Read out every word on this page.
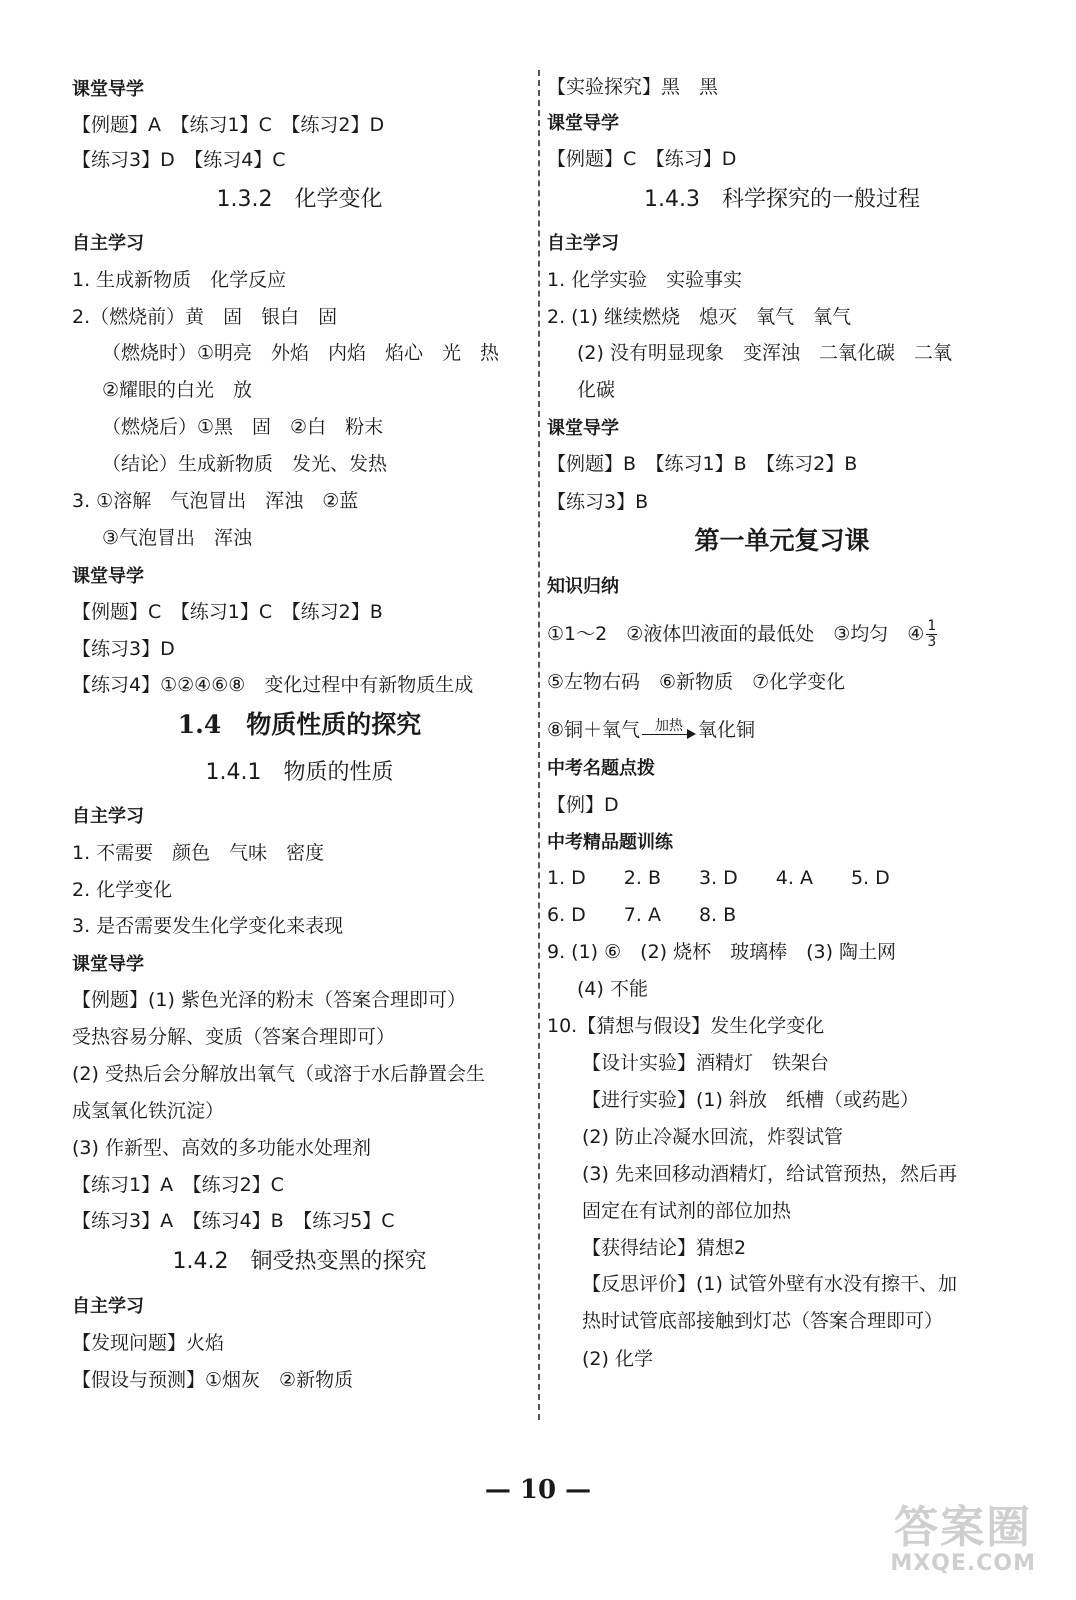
课堂导学
【例题】A　【练习1】C　【练习2】D
【练习3】D　【练习4】C
1.3.2　化学变化
自主学习
1. 生成新物质　化学反应
2.（燃烧前）黄　固　银白　固
（燃烧时）①明亮　外焰　内焰　焰心　光　热
②耀眼的白光　放
（燃烧后）①黑　固　②白　粉末
（结论）生成新物质　发光、发热
3. ①溶解　气泡冒出　浑浊　②蓝
③气泡冒出　浑浊
课堂导学
【例题】C　【练习1】C　【练习2】B
【练习3】D
【练习4】①②④⑥⑧　变化过程中有新物质生成
1.4　物质性质的探究
1.4.1　物质的性质
自主学习
1. 不需要　颜色　气味　密度
2. 化学变化
3. 是否需要发生化学变化来表现
课堂导学
【例题】(1) 紫色光泽的粉末（答案合理即可）
受热容易分解、变质（答案合理即可）
(2) 受热后会分解放出氧气（或溶于水后静置会生
成氢氧化铁沉淀）
(3) 作新型、高效的多功能水处理剂
【练习1】A　【练习2】C
【练习3】A　【练习4】B　【练习5】C
1.4.2　铜受热变黑的探究
自主学习
【发现问题】火焰
【假设与预测】①烟灰　②新物质
【实验探究】黑　黑
课堂导学
【例题】C　【练习】D
1.4.3　科学探究的一般过程
自主学习
1. 化学实验　实验事实
2. (1) 继续燃烧　熄灭　氧气　氧气
(2) 没有明显现象　变浑浊　二氧化碳　二氧
化碳
课堂导学
【例题】B　【练习1】B　【练习2】B
【练习3】B
第一单元复习课
知识归纳
①1～2　②液体凹液面的最低处　③均匀　④ $\frac{1}{3}$
⑤左物右码　⑥新物质　⑦化学变化
⑧铜＋氧气	加热 氧化铜
中考名题点拨
【例】D
中考精品题训练
1. D　　2. B　　3. D　　4. A　　5. D
6. D　　7. A　　8. B
9. (1) ⑥　(2) 烧杯　玻璃棒　(3) 陶土网
(4) 不能
10.【猜想与假设】发生化学变化
【设计实验】酒精灯　铁架台
【进行实验】(1) 斜放　纸槽（或药匙）
(2) 防止冷凝水回流，炸裂试管
(3) 先来回移动酒精灯，给试管预热，然后再
固定在有试剂的部位加热
【获得结论】猜想2
【反思评价】(1) 试管外壁有水没有擦干、加
热时试管底部接触到灯芯（答案合理即可）
(2) 化学
— 10 —
答案圈
MXQE.COM
